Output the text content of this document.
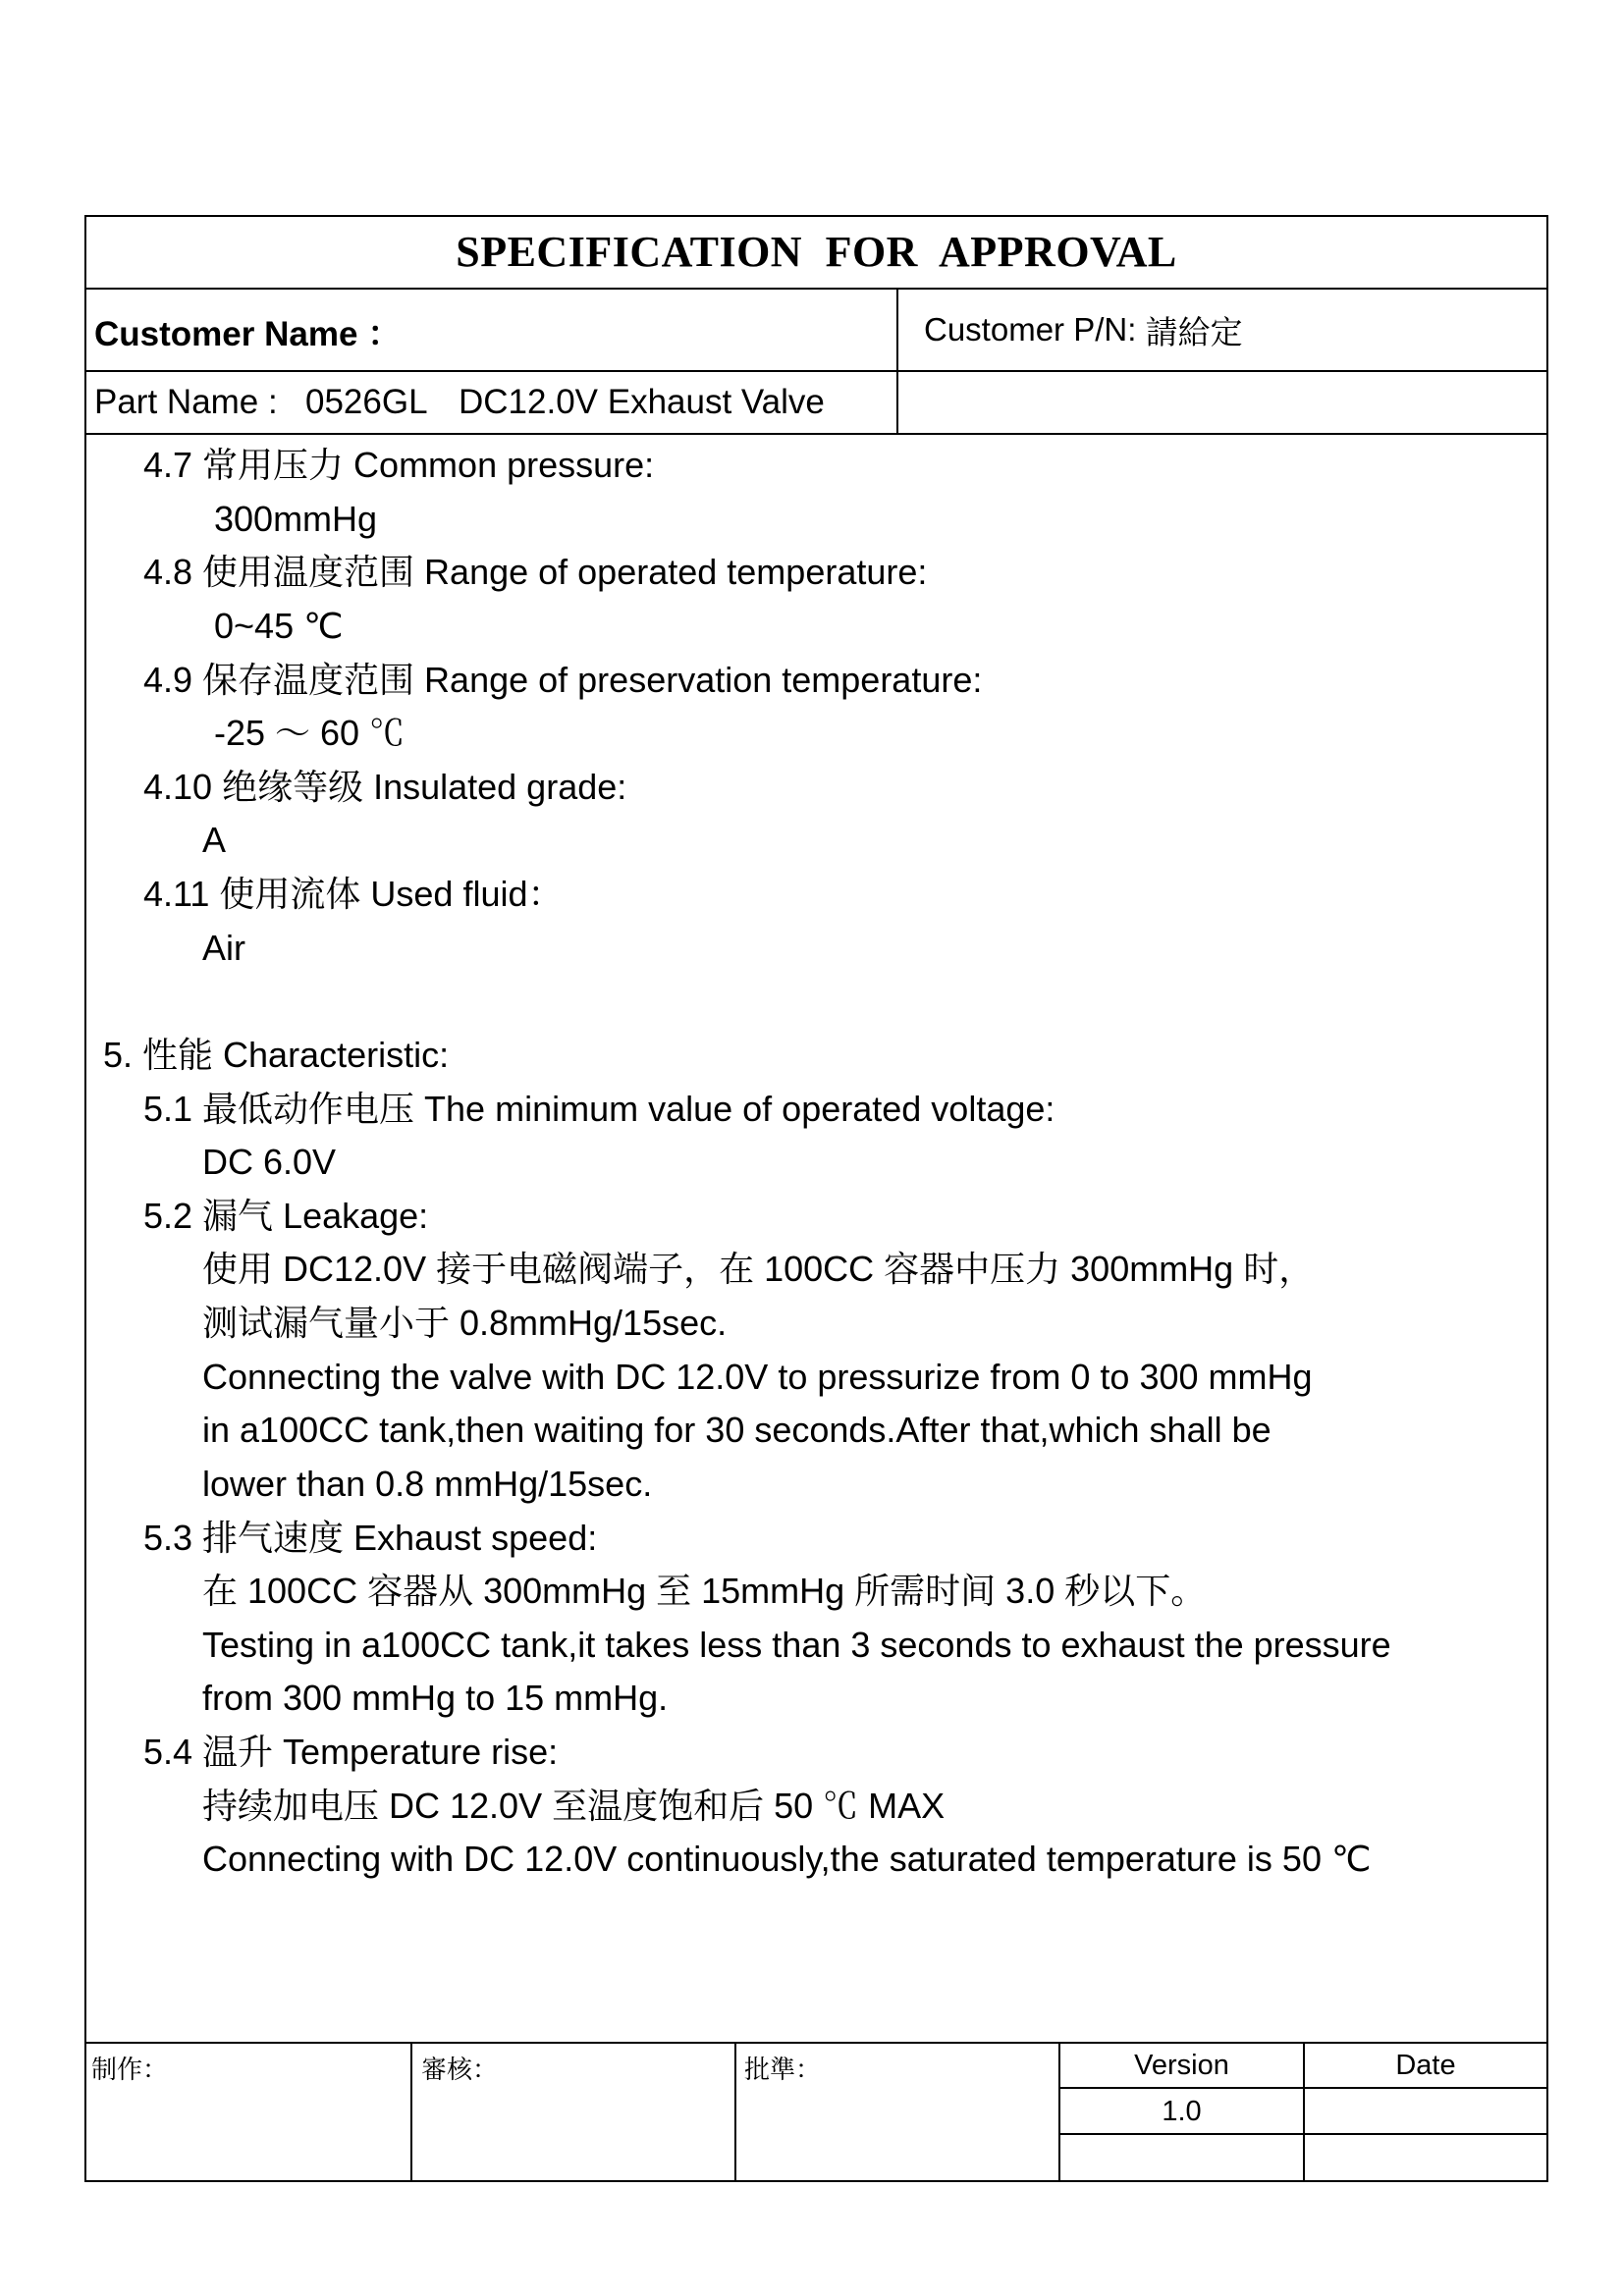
SPECIFICATION FOR APPROVAL
Customer Name ：	Customer P/N:
請給定
Part Name : 0526GL DC12.0V Exhaust Valve
4.7 常用压力 Common pressure:
300mmHg
4.8 使用温度范围 Range of operated temperature:
0~45 ℃
4.9 保存温度范围 Range of preservation temperature:
-25 ～ 60 ℃
4.10 绝缘等级 Insulated grade:
A
4.11 使用流体 Used fluid：
Air
5. 性能 Characteristic:
5.1 最低动作电压 The minimum value of operated voltage:
DC 6.0V
5.2 漏气 Leakage:
使用 DC12.0V 接于电磁阀端子，在 100CC 容器中压力 300mmHg 时，
测试漏气量小于 0.8mmHg/15sec.
Connecting the valve with DC 12.0V to pressurize from 0 to 300 mmHg
in a100CC tank,then waiting for 30 seconds.After that,which shall be
lower than 0.8 mmHg/15sec.
5.3 排气速度 Exhaust speed:
在 100CC 容器从 300mmHg 至 15mmHg 所需时间 3.0 秒以下。
Testing in a100CC tank,it takes less than 3 seconds to exhaust the pressure
from 300 mmHg to 15 mmHg.
5.4 温升 Temperature rise:
持续加电压 DC 12.0V 至温度饱和后 50 ℃ MAX
Connecting with DC 12.0V continuously,the saturated temperature is 50 ℃
制作：	審核：	批準：	Version	Date
1.0
